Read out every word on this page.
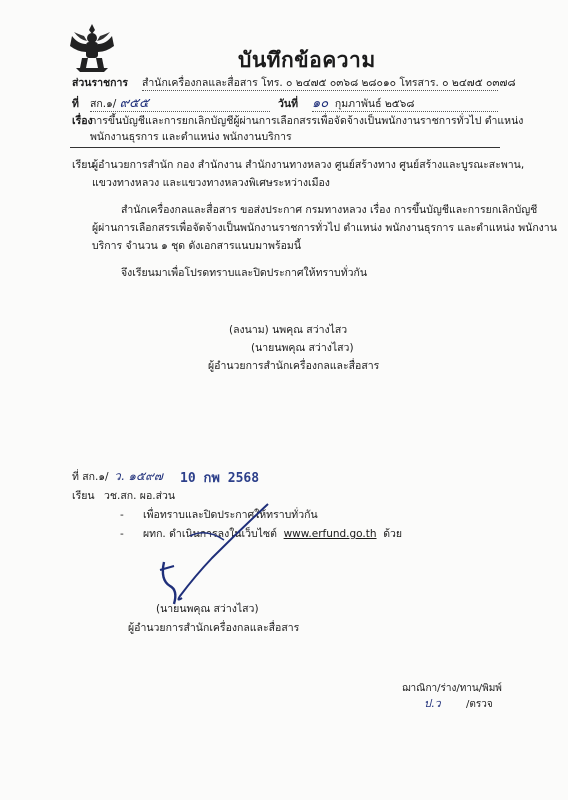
บันทึกข้อความ
ส่วนราชการ สำนักเครื่องกลและสื่อสาร โทร. ๐ ๒๔๗๕ ๐๓๖๘ ๒๘๐๑๐ โทรสาร. ๐ ๒๔๗๕ ๐๓๗๘
ที่ สก.๑/ ๙๕๕	วันที่ ๑๐ กุมภาพันธ์ ๒๕๖๘
เรื่อง
การขึ้นบัญชีและการยกเลิกบัญชีผู้ผ่านการเลือกสรรเพื่อจัดจ้างเป็นพนักงานราชการทั่วไป ตำแหน่ง
พนักงานธุรการ และตำแหน่ง พนักงานบริการ
เรียน
ผู้อำนวยการสำนัก กอง สำนักงาน สำนักงานทางหลวง ศูนย์สร้างทาง ศูนย์สร้างและบูรณะสะพาน,
แขวงทางหลวง และแขวงทางหลวงพิเศษระหว่างเมือง
สำนักเครื่องกลและสื่อสาร ขอส่งประกาศ กรมทางหลวง เรื่อง การขึ้นบัญชีและการยกเลิกบัญชี
ผู้ผ่านการเลือกสรรเพื่อจัดจ้างเป็นพนักงานราชการทั่วไป ตำแหน่ง พนักงานธุรการ และตำแหน่ง พนักงาน
บริการ จำนวน ๑ ชุด ดังเอกสารแนบมาพร้อมนี้
จึงเรียนมาเพื่อโปรดทราบและปิดประกาศให้ทราบทั่วกัน
(ลงนาม) นพคุณ สว่างไสว
(นายนพคุณ สว่างไสว)
ผู้อำนวยการสำนักเครื่องกลและสื่อสาร
ที่ สก.๑/ ว. ๑๕๙๗ 10 กพ 2568
เรียน วช.สก. ผอ.ส่วน
- เพื่อทราบและปิดประกาศให้ทราบทั่วกัน
- ผทก. ดำเนินการลงในเว็บไซต์ www.erfund.go.th ด้วย
(นายนพคุณ สว่างไสว)
ผู้อำนวยการสำนักเครื่องกลและสื่อสาร
ฌาณิกา/ร่าง/ทาน/พิมพ์
ป.ว	/ตรวจ
